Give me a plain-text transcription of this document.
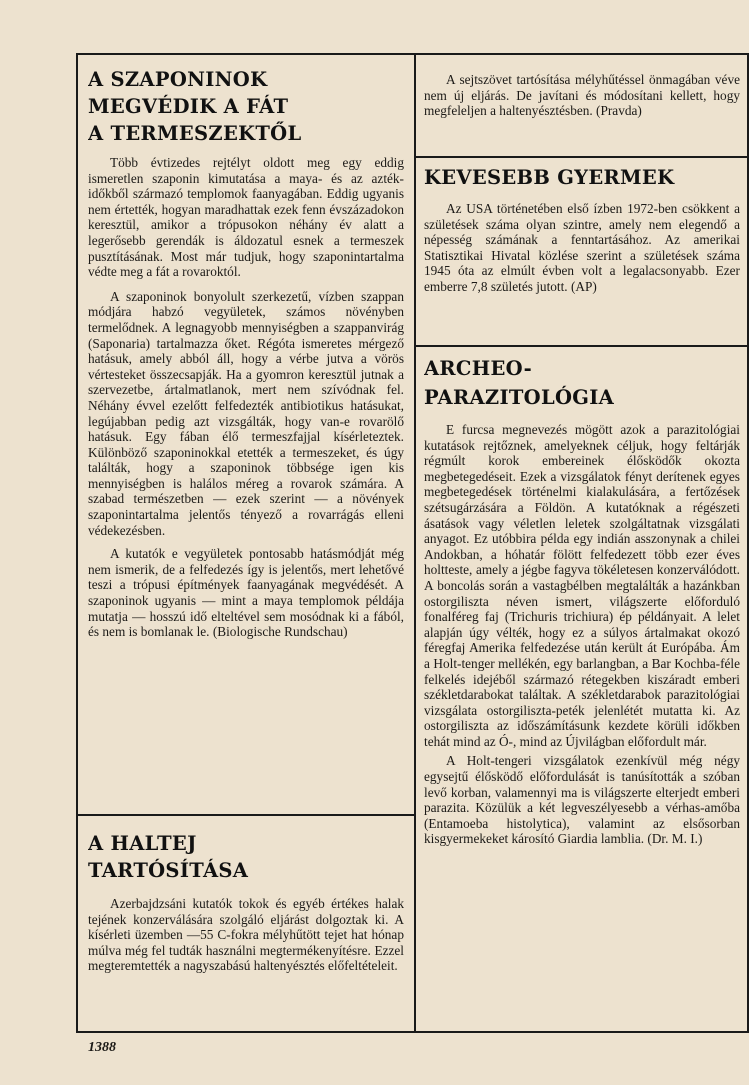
A SZAPONINOK
MEGVÉDIK A FÁT
A TERMESZEKTŐL

Több évtizedes rejtélyt oldott meg egy eddig ismeretlen szaponin kimutatása a maya- és az azték-időkből származó templomok faanyagában. Eddig ugyanis nem értették, hogyan maradhattak ezek fenn évszázadokon keresztül, amikor a trópusokon néhány év alatt a legerősebb gerendák is áldozatul esnek a termeszek pusztításának. Most már tudjuk, hogy szaponintartalma védte meg a fát a rovaroktól.

A szaponinok bonyolult szerkezetű, vízben szappan módjára habzó vegyületek, számos növényben termelődnek. A legnagyobb mennyiségben a szappanvirág (Saponaria) tartalmazza őket. Régóta ismeretes mérgező hatásuk, amely abból áll, hogy a vérbe jutva a vörös vértesteket összecsapják. Ha a gyomron keresztül jutnak a szervezetbe, ártalmatlanok, mert nem szívódnak fel. Néhány évvel ezelőtt felfedezték antibiotikus hatásukat, legújabban pedig azt vizsgálták, hogy van-e rovarölő hatásuk. Egy fában élő termeszfajjal kísérleteztek. Különböző szaponinokkal etették a termeszeket, és úgy találták, hogy a szaponinok többsége igen kis mennyiségben is halálos méreg a rovarok számára. A szabad természetben — ezek szerint — a növények szaponintartalma jelentős tényező a rovarrágás elleni védekezésben.

A kutatók e vegyületek pontosabb hatásmódját még nem ismerik, de a felfedezés így is jelentős, mert lehetővé teszi a trópusi építmények faanyagának megvédését. A szaponinok ugyanis — mint a maya templomok példája mutatja — hosszú idő elteltével sem mosódnak ki a fából, és nem is bomlanak le. (Biologische Rundschau)

A HALTEJ
TARTÓSÍTÁSA

Azerbajdzsáni kutatók tokok és egyéb értékes halak tejének konzerválására szolgáló eljárást dolgoztak ki. A kísérleti üzemben —55 C-fokra mélyhűtött tejet hat hónap múlva még fel tudták használni megtermékenyítésre. Ezzel megteremtették a nagyszabású haltenyésztés előfeltételeit.

A sejtszövet tartósítása mélyhűtéssel önmagában véve nem új eljárás. De javítani és módosítani kellett, hogy megfeleljen a haltenyésztésben. (Pravda)

KEVESEBB GYERMEK

Az USA történetében első ízben 1972-ben csökkent a születések száma olyan szintre, amely nem elegendő a népesség számának a fenntartásához. Az amerikai Statisztikai Hivatal közlése szerint a születések száma 1945 óta az elmúlt évben volt a legalacsonyabb. Ezer emberre 7,8 születés jutott. (AP)

ARCHEO-
PARAZITOLÓGIA

E furcsa megnevezés mögött azok a parazitológiai kutatások rejtőznek, amelyeknek céljuk, hogy feltárják régmúlt korok embereinek élősködők okozta megbetegedéseit. Ezek a vizsgálatok fényt derítenek egyes megbetegedések történelmi kialakulására, a fertőzések szétsugárzására a Földön. A kutatóknak a régészeti ásatások vagy véletlen leletek szolgáltatnak vizsgálati anyagot. Ez utóbbira példa egy indián asszonynak a chilei Andokban, a hóhatár fölött felfedezett több ezer éves holtteste, amely a jégbe fagyva tökéletesen konzerválódott. A boncolás során a vastagbélben megtalálták a hazánkban ostorgiliszta néven ismert, világszerte előforduló fonalféreg faj (Trichuris trichiura) ép példányait. A lelet alapján úgy vélték, hogy ez a súlyos ártalmakat okozó féregfaj Amerika felfedezése után került át Európába. Ám a Holt-tenger mellékén, egy barlangban, a Bar Kochba-féle felkelés idejéből származó rétegekben kiszáradt emberi székletdarabokat találtak. A székletdarabok parazitológiai vizsgálata ostorgiliszta-peték jelenlétét mutatta ki. Az ostorgiliszta az időszámításunk kezdete körüli időkben tehát mind az Ó-, mind az Újvilágban előfordult már.

A Holt-tengeri vizsgálatok ezenkívül még négy egysejtű élősködő előfordulását is tanúsították a szóban levő korban, valamennyi ma is világszerte elterjedt emberi parazita. Közülük a két legveszélyesebb a vérhas-amőba (Entamoeba histolytica), valamint az elsősorban kisgyermekeket károsító Giardia lamblia. (Dr. M. I.)

1388
